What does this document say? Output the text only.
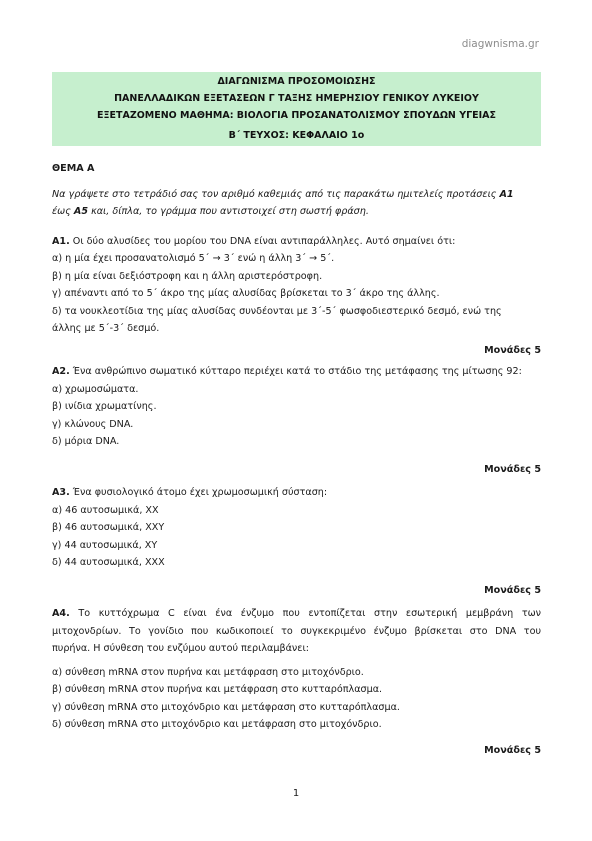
diagwnisma.gr
ΔΙΑΓΩΝΙΣΜΑ ΠΡΟΣΟΜΟΙΩΣΗΣ
ΠΑΝΕΛΛΑΔΙΚΩΝ ΕΞΕΤΑΣΕΩΝ Γ ΤΑΞΗΣ ΗΜΕΡΗΣΙΟΥ ΓΕΝΙΚΟΥ ΛΥΚΕΙΟΥ
ΕΞΕΤΑΖΟΜΕΝΟ ΜΑΘΗΜΑ: ΒΙΟΛΟΓΙΑ ΠΡΟΣΑΝΑΤΟΛΙΣΜΟΥ ΣΠΟΥΔΩΝ ΥΓΕΙΑΣ
Β΄ ΤΕΥΧΟΣ: ΚΕΦΑΛΑΙΟ 1ο
ΘΕΜΑ Α
Να γράψετε στο τετράδιό σας τον αριθμό καθεμιάς από τις παρακάτω ημιτελείς προτάσεις Α1
έως Α5 και, δίπλα, το γράμμα που αντιστοιχεί στη σωστή φράση.
Α1. Οι δύο αλυσίδες του μορίου του DNA είναι αντιπαράλληλες. Αυτό σημαίνει ότι:
α) η μία έχει προσανατολισμό 5΄ → 3΄ ενώ η άλλη 3΄ → 5΄.
β) η μία είναι δεξιόστροφη και η άλλη αριστερόστροφη.
γ) απέναντι από το 5΄ άκρο της μίας αλυσίδας βρίσκεται το 3΄ άκρο της άλλης.
δ) τα νουκλεοτίδια της μίας αλυσίδας συνδέονται με 3΄-5΄ φωσφοδιεστερικό δεσμό, ενώ της
άλλης με 5΄-3΄ δεσμό.
Μονάδες 5
Α2. Ένα ανθρώπινο σωματικό κύτταρο περιέχει κατά το στάδιο της μετάφασης της μίτωσης 92:
α) χρωμοσώματα.
β) ινίδια χρωματίνης.
γ) κλώνους DNA.
δ) μόρια DNA.
Μονάδες 5
Α3. Ένα φυσιολογικό άτομο έχει χρωμοσωμική σύσταση:
α) 46 αυτοσωμικά, ΧΧ
β) 46 αυτοσωμικά, ΧΧΥ
γ) 44 αυτοσωμικά, ΧΥ
δ) 44 αυτοσωμικά, ΧΧΧ
Μονάδες 5
Α4. Το κυττόχρωμα C είναι ένα ένζυμο που εντοπίζεται στην εσωτερική μεμβράνη των
μιτοχονδρίων. Το γονίδιο που κωδικοποιεί το συγκεκριμένο ένζυμο βρίσκεται στο DNA του
πυρήνα. Η σύνθεση του ενζύμου αυτού περιλαμβάνει:
α) σύνθεση mRNA στον πυρήνα και μετάφραση στο μιτοχόνδριο.
β) σύνθεση mRNA στον πυρήνα και μετάφραση στο κυτταρόπλασμα.
γ) σύνθεση mRNA στο μιτοχόνδριο και μετάφραση στο κυτταρόπλασμα.
δ) σύνθεση mRNA στο μιτοχόνδριο και μετάφραση στο μιτοχόνδριο.
Μονάδες 5
1
